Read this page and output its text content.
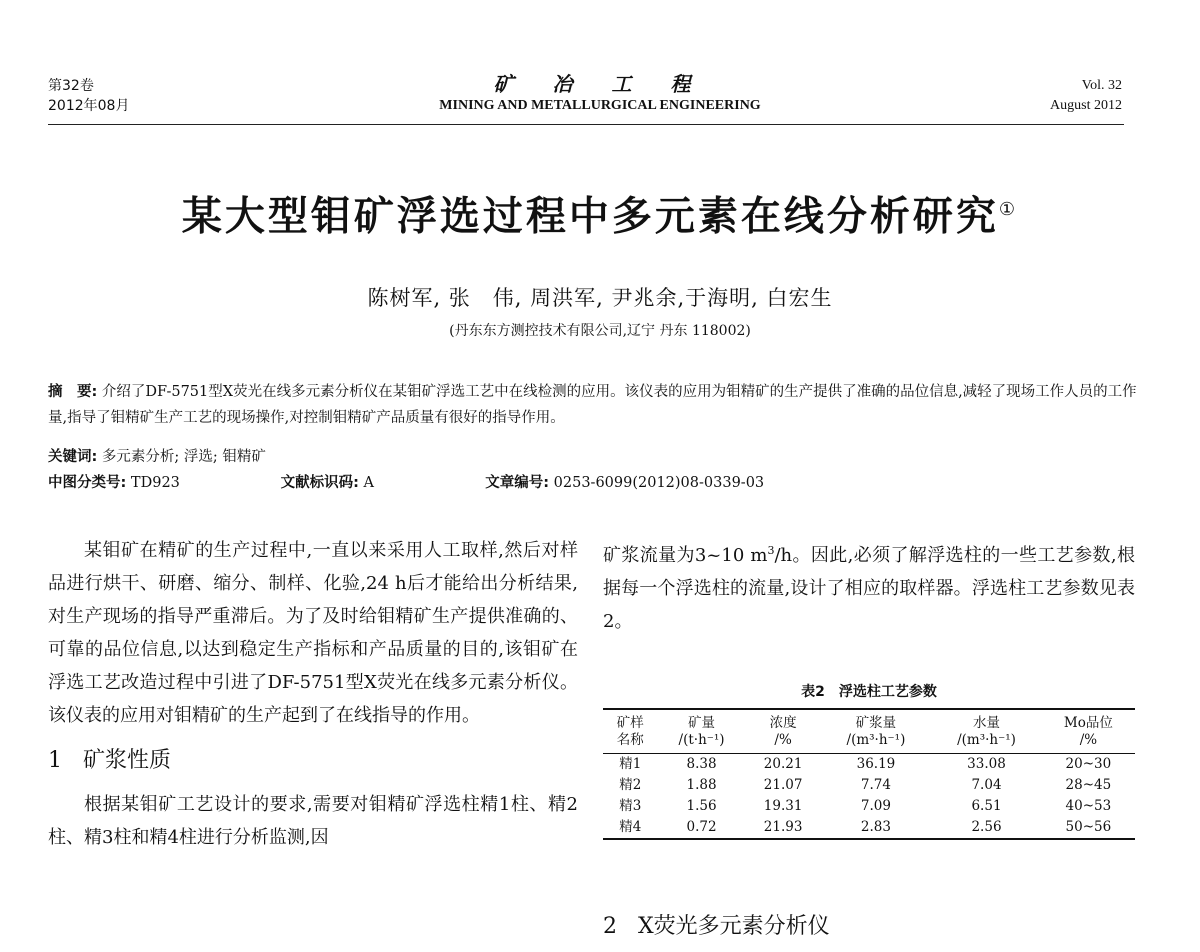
第32卷
2012年08月
矿 冶 工 程
MINING AND METALLURGICAL ENGINEERING
Vol. 32
August 2012
某大型钼矿浮选过程中多元素在线分析研究①
陈树军, 张　伟, 周洪军, 尹兆余,于海明, 白宏生
(丹东东方测控技术有限公司,辽宁 丹东 118002)
摘　要: 介绍了DF-5751型X荧光在线多元素分析仪在某钼矿浮选工艺中在线检测的应用。该仪表的应用为钼精矿的生产提供了准确的品位信息,减轻了现场工作人员的工作量,指导了钼精矿生产工艺的现场操作,对控制钼精矿产品质量有很好的指导作用。
关键词: 多元素分析; 浮选; 钼精矿
中图分类号: TD923	文献标识码: A	文章编号: 0253-6099(2012)08-0339-03

某钼矿在精矿的生产过程中,一直以来采用人工取样,然后对样品进行烘干、研磨、缩分、制样、化验,24 h后才能给出分析结果,对生产现场的指导严重滞后。为了及时给钼精矿生产提供准确的、可靠的品位信息,以达到稳定生产指标和产品质量的目的,该钼矿在浮选工艺改造过程中引进了DF-5751型X荧光在线多元素分析仪。该仪表的应用对钼精矿的生产起到了在线指导的作用。

1 矿浆性质

根据某钼矿工艺设计的要求,需要对钼精矿浮选柱精1柱、精2柱、精3柱和精4柱进行分析监测,因

矿浆流量为3~10 $m^3/h$。因此,必须了解浮选柱的一些工艺参数,根据每一个浮选柱的流量,设计了相应的取样器。浮选柱工艺参数见表2。

表2　浮选柱工艺参数
矿样	矿量	浓度	矿浆量	水量	Mo品位
名称	/(t·h⁻¹)	/%	/(m³·h⁻¹)	/(m³·h⁻¹)	/%
精1	8.38	20.21	36.19	33.08	20~30
精2	1.88	21.07	7.74	7.04	28~45
精3	1.56	19.31	7.09	6.51	40~53
精4	0.72	21.93	2.83	2.56	50~56
2 X荧光多元素分析仪
